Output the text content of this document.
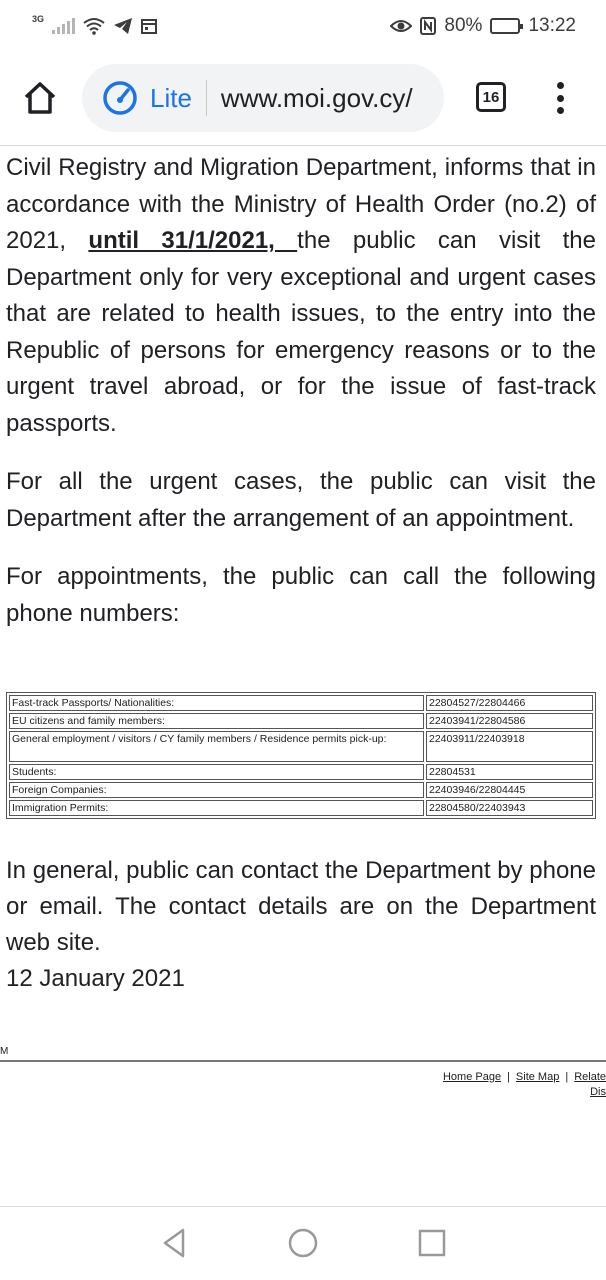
3G	80% 13:22
Lite www.moi.gov.cy/	16

Civil Registry and Migration Department, informs that in accordance with the Ministry of Health Order (no.2) of 2021, until 31/1/2021, the public can visit the Department only for very exceptional and urgent cases that are related to health issues, to the entry into the Republic of persons for emergency reasons or to the urgent travel abroad, or for the issue of fast-track passports.

For all the urgent cases, the public can visit the Department after the arrangement of an appointment.

For appointments, the public can call the following phone numbers:

Fast-track Passports/ Nationalities:	22804527/22804466
EU citizens and family members:	22403941/22804586
General employment / visitors / CY family members / Residence permits pick-up:	22403911/22403918
Students:	22804531
Foreign Companies:	22403946/22804445
Immigration Permits:	22804580/22403943

In general, public can contact the Department by phone or email. The contact details are on the Department web site.

12 January 2021

M
Home Page | Site Map | Relate
Dis
